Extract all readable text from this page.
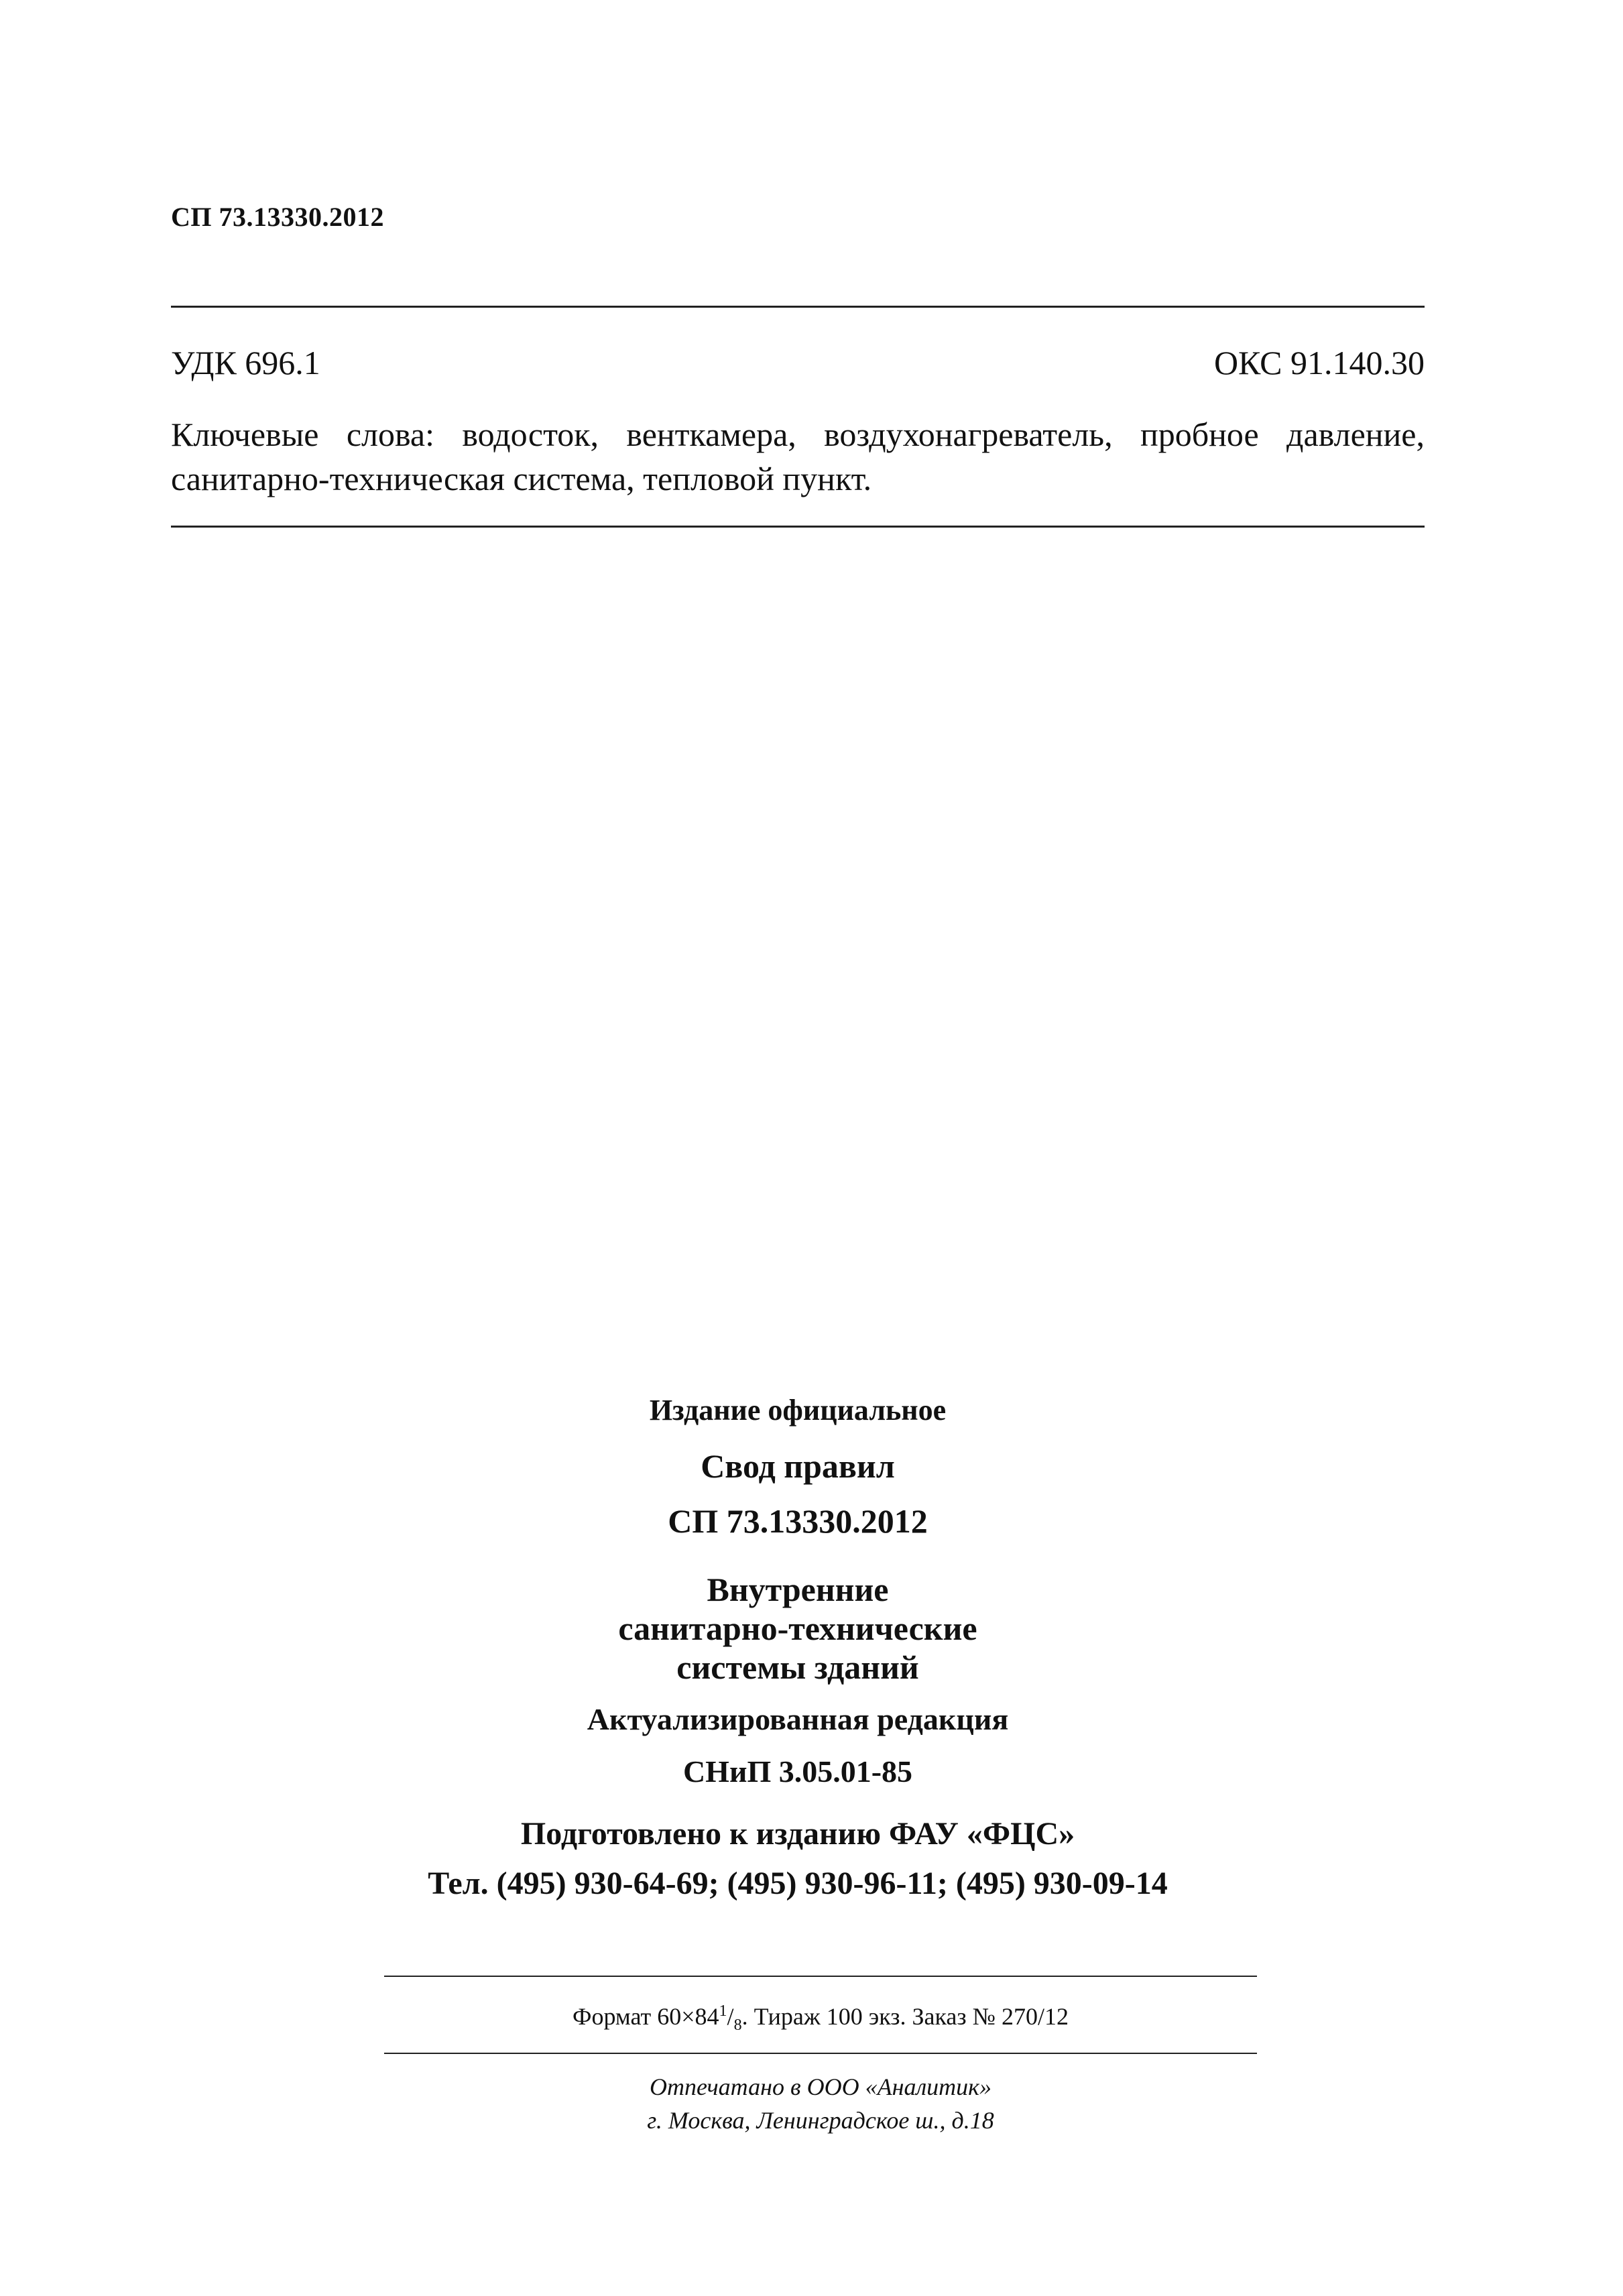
СП 73.13330.2012
УДК 696.1	ОКС 91.140.30
Ключевые слова: водосток, венткамера, воздухонагреватель, пробное давление,
санитарно-техническая система, тепловой пункт.
Издание официальное
Свод правил
СП 73.13330.2012
Внутренние
санитарно-технические
системы зданий
Актуализированная редакция
СНиП 3.05.01-85
Подготовлено к изданию ФАУ «ФЦС»
Тел. (495) 930-64-69; (495) 930-96-11; (495) 930-09-14
Формат $60\times 84^1/_8$. Тираж 100 экз. Заказ № 270/12
Отпечатано в ООО «Аналитик»
г. Москва, Ленинградское ш., д.18
